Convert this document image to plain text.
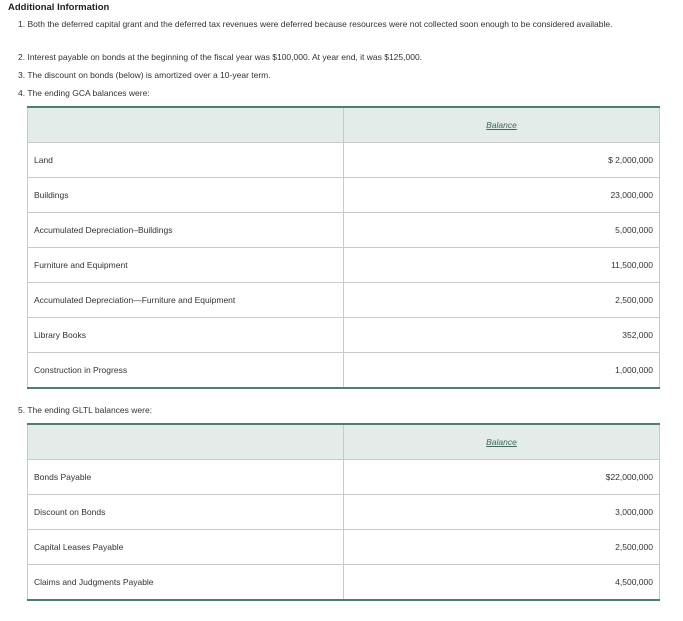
Additional Information
1. Both the deferred capital grant and the deferred tax revenues were deferred because resources were not collected soon enough to be considered available.
2. Interest payable on bonds at the beginning of the fiscal year was $100,000. At year end, it was $125,000.
3. The discount on bonds (below) is amortized over a 10-year term.
4. The ending GCA balances were:
	Balance
Land	$ 2,000,000
Buildings	23,000,000
Accumulated Depreciation–Buildings	5,000,000
Furniture and Equipment	11,500,000
Accumulated Depreciation—Furniture and Equipment	2,500,000
Library Books	352,000
Construction in Progress	1,000,000
5. The ending GLTL balances were:
	Balance
Bonds Payable	$22,000,000
Discount on Bonds	3,000,000
Capital Leases Payable	2,500,000
Claims and Judgments Payable	4,500,000
